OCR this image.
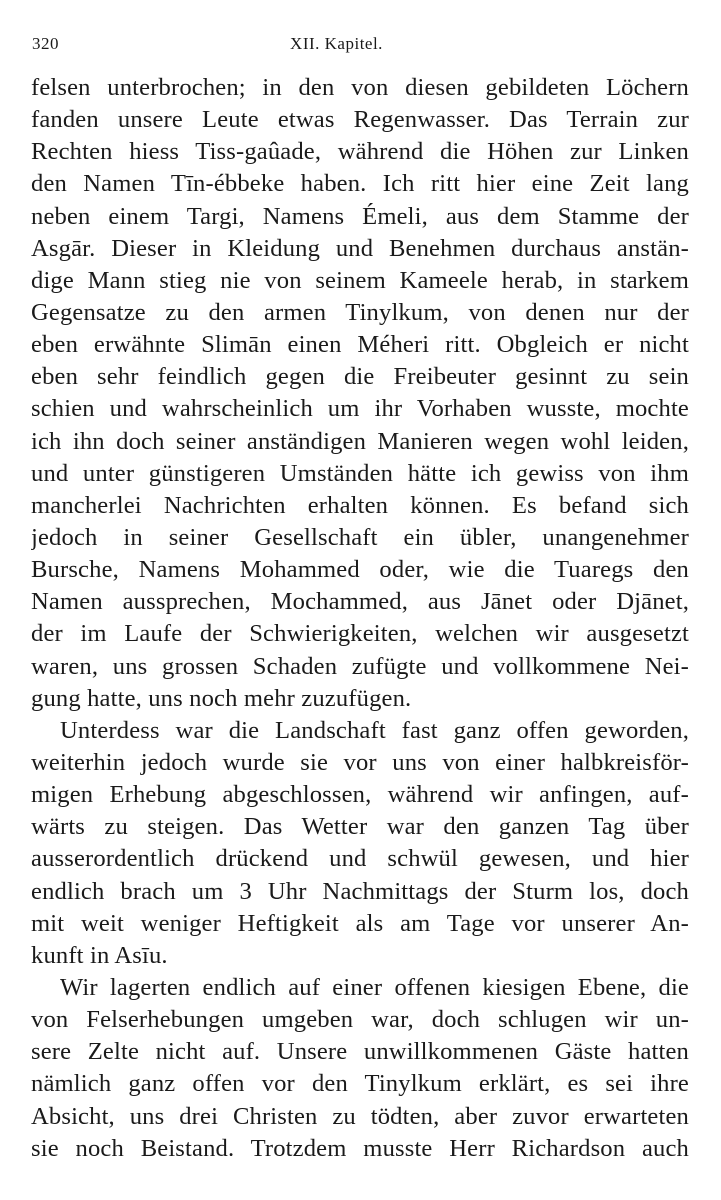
320	XII. Kapitel.
felsen unterbrochen; in den von diesen gebildeten Löchern
fanden unsere Leute etwas Regenwasser. Das Terrain zur
Rechten hiess Tiss-gaûade, während die Höhen zur Linken
den Namen Tīn-ébbeke haben. Ich ritt hier eine Zeit lang
neben einem Targi, Namens Émeli, aus dem Stamme der
Asgār. Dieser in Kleidung und Benehmen durchaus anstän-
dige Mann stieg nie von seinem Kameele herab, in starkem
Gegensatze zu den armen Tinylkum, von denen nur der
eben erwähnte Slimān einen Méheri ritt. Obgleich er nicht
eben sehr feindlich gegen die Freibeuter gesinnt zu sein
schien und wahrscheinlich um ihr Vorhaben wusste, mochte
ich ihn doch seiner anständigen Manieren wegen wohl leiden,
und unter günstigeren Umständen hätte ich gewiss von ihm
mancherlei Nachrichten erhalten können. Es befand sich
jedoch in seiner Gesellschaft ein übler, unangenehmer
Bursche, Namens Mohammed oder, wie die Tuaregs den
Namen aussprechen, Mochammed, aus Jānet oder Djānet,
der im Laufe der Schwierigkeiten, welchen wir ausgesetzt
waren, uns grossen Schaden zufügte und vollkommene Nei-
gung hatte, uns noch mehr zuzufügen.
Unterdess war die Landschaft fast ganz offen geworden,
weiterhin jedoch wurde sie vor uns von einer halbkreisför-
migen Erhebung abgeschlossen, während wir anfingen, auf-
wärts zu steigen. Das Wetter war den ganzen Tag über
ausserordentlich drückend und schwül gewesen, und hier
endlich brach um 3 Uhr Nachmittags der Sturm los, doch
mit weit weniger Heftigkeit als am Tage vor unserer An-
kunft in Asīu.
Wir lagerten endlich auf einer offenen kiesigen Ebene, die
von Felserhebungen umgeben war, doch schlugen wir un-
sere Zelte nicht auf. Unsere unwillkommenen Gäste hatten
nämlich ganz offen vor den Tinylkum erklärt, es sei ihre
Absicht, uns drei Christen zu tödten, aber zuvor erwarteten
sie noch Beistand. Trotzdem musste Herr Richardson auch
